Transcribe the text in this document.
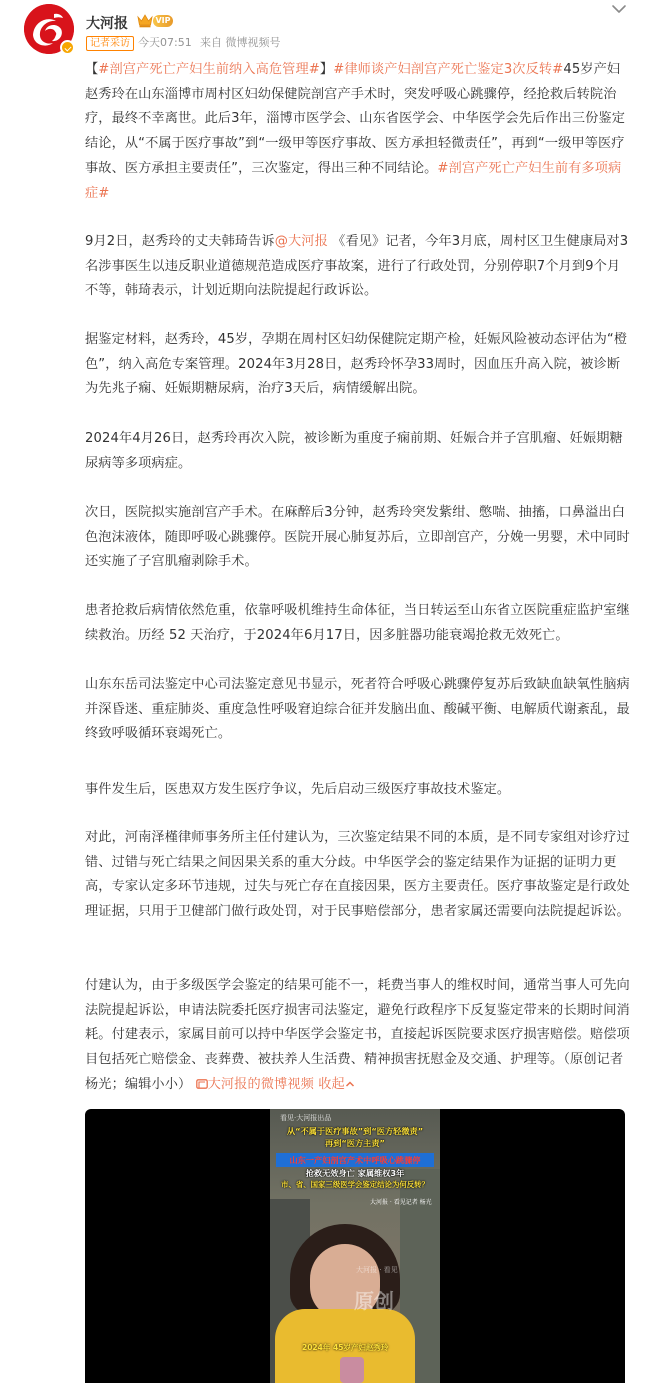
大河报	VIP
记者采访 今天07:51 来自 微博视频号
【#剖宫产死亡产妇生前纳入高危管理#】#律师谈产妇剖宫产死亡鉴定3次反转#45岁产妇赵秀玲在山东淄博市周村区妇幼保健院剖宫产手术时，突发呼吸心跳骤停，经抢救后转院治疗，最终不幸离世。此后3年，淄博市医学会、山东省医学会、中华医学会先后作出三份鉴定结论，从“不属于医疗事故”到“一级甲等医疗事故、医方承担轻微责任”，再到“一级甲等医疗事故、医方承担主要责任”，三次鉴定，得出三种不同结论。#剖宫产死亡产妇生前有多项病症#
9月2日，赵秀玲的丈夫韩琦告诉@大河报 《看见》记者，今年3月底，周村区卫生健康局对3名涉事医生以违反职业道德规范造成医疗事故案，进行了行政处罚，分别停职7个月到9个月不等，韩琦表示，计划近期向法院提起行政诉讼。
据鉴定材料，赵秀玲，45岁，孕期在周村区妇幼保健院定期产检，妊娠风险被动态评估为“橙色”，纳入高危专案管理。2024年3月28日，赵秀玲怀孕33周时，因血压升高入院，被诊断为先兆子痫、妊娠期糖尿病，治疗3天后，病情缓解出院。
2024年4月26日，赵秀玲再次入院，被诊断为重度子痫前期、妊娠合并子宫肌瘤、妊娠期糖尿病等多项病症。
次日，医院拟实施剖宫产手术。在麻醉后3分钟，赵秀玲突发紫绀、憋喘、抽搐，口鼻溢出白色泡沫液体，随即呼吸心跳骤停。医院开展心肺复苏后，立即剖宫产，分娩一男婴，术中同时还实施了子宫肌瘤剥除手术。
患者抢救后病情依然危重，依靠呼吸机维持生命体征，当日转运至山东省立医院重症监护室继续救治。历经 52 天治疗，于2024年6月17日，因多脏器功能衰竭抢救无效死亡。
山东东岳司法鉴定中心司法鉴定意见书显示，死者符合呼吸心跳骤停复苏后致缺血缺氧性脑病并深昏迷、重症肺炎、重度急性呼吸窘迫综合征并发脑出血、酸碱平衡、电解质代谢紊乱，最终致呼吸循环衰竭死亡。
事件发生后，医患双方发生医疗争议，先后启动三级医疗事故技术鉴定。
对此，河南泽槿律师事务所主任付建认为，三次鉴定结果不同的本质，是不同专家组对诊疗过错、过错与死亡结果之间因果关系的重大分歧。中华医学会的鉴定结果作为证据的证明力更高，专家认定多环节违规，过失与死亡存在直接因果，医方主要责任。医疗事故鉴定是行政处理证据，只用于卫健部门做行政处罚，对于民事赔偿部分，患者家属还需要向法院提起诉讼。
付建认为，由于多级医学会鉴定的结果可能不一，耗费当事人的维权时间，通常当事人可先向法院提起诉讼，申请法院委托医疗损害司法鉴定，避免行政程序下反复鉴定带来的长期时间消耗。付建表示，家属目前可以持中华医学会鉴定书，直接起诉医院要求医疗损害赔偿。赔偿项目包括死亡赔偿金、丧葬费、被扶养人生活费、精神损害抚慰金及交通、护理等。（原创记者杨光；编辑小小） 大河报的微博视频 收起
看见·大河报出品
从“不属于医疗事故”到“医方轻微责”
再到“医方主责”
山东一产妇剖宫产术中呼吸心跳骤停
抢救无效身亡 家属维权3年
市、省、国家三级医学会鉴定结论为何反转？
大河报 · 看见记者 杨光
大河报 · 看见
原创
2024年 45岁产妇赵秀玲
